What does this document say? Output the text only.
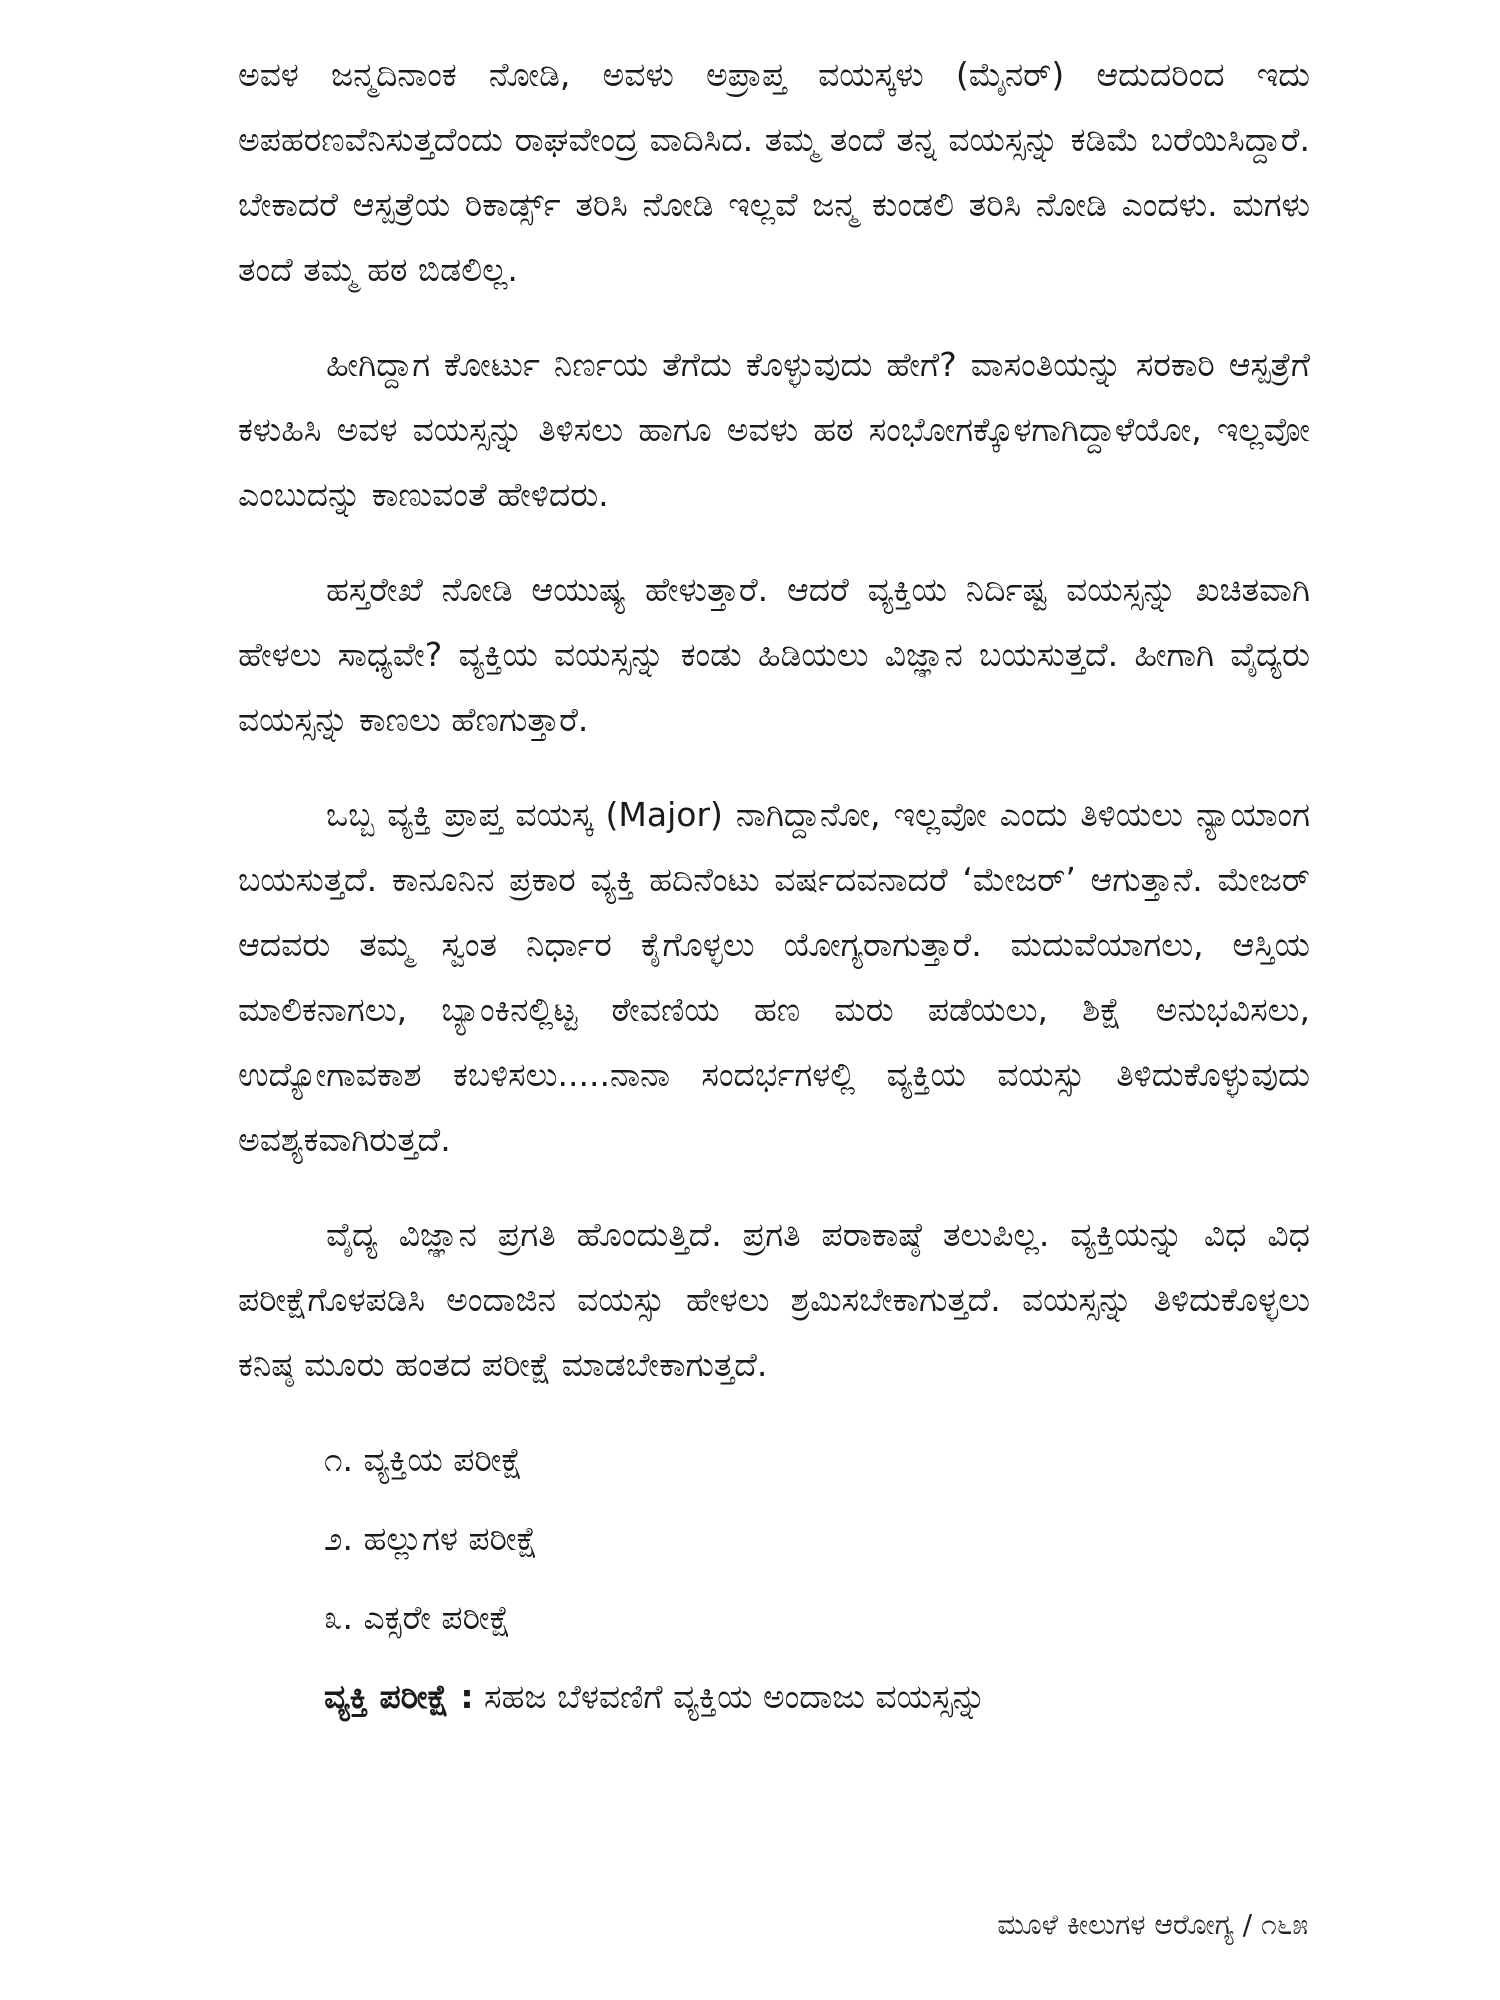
ಅವಳ ಜನ್ಮದಿನಾಂಕ ನೋಡಿ, ಅವಳು ಅಪ್ರಾಪ್ತ ವಯಸ್ಕಳು (ಮೈನರ್) ಆದುದರಿಂದ ಇದು ಅಪಹರಣವೆನಿಸುತ್ತದೆಂದು ರಾಘವೇಂದ್ರ ವಾದಿಸಿದ. ತಮ್ಮ ತಂದೆ ತನ್ನ ವಯಸ್ಸನ್ನು ಕಡಿಮೆ ಬರೆಯಿಸಿದ್ದಾರೆ. ಬೇಕಾದರೆ ಆಸ್ಪತ್ರೆಯ ರಿಕಾರ್ಡ್ಸ್ ತರಿಸಿ ನೋಡಿ ಇಲ್ಲವೆ ಜನ್ಮ ಕುಂಡಲಿ ತರಿಸಿ ನೋಡಿ ಎಂದಳು. ಮಗಳು ತಂದೆ ತಮ್ಮ ಹಠ ಬಿಡಲಿಲ್ಲ.

ಹೀಗಿದ್ದಾಗ ಕೋರ್ಟು ನಿರ್ಣಯ ತೆಗೆದು ಕೊಳ್ಳುವುದು ಹೇಗೆ? ವಾಸಂತಿಯನ್ನು ಸರಕಾರಿ ಆಸ್ಪತ್ರೆಗೆ ಕಳುಹಿಸಿ ಅವಳ ವಯಸ್ಸನ್ನು ತಿಳಿಸಲು ಹಾಗೂ ಅವಳು ಹಠ ಸಂಭೋಗಕ್ಕೊಳಗಾಗಿದ್ದಾಳೆಯೋ, ಇಲ್ಲವೋ ಎಂಬುದನ್ನು ಕಾಣುವಂತೆ ಹೇಳಿದರು.

ಹಸ್ತರೇಖೆ ನೋಡಿ ಆಯುಷ್ಯ ಹೇಳುತ್ತಾರೆ. ಆದರೆ ವ್ಯಕ್ತಿಯ ನಿರ್ದಿಷ್ಟ ವಯಸ್ಸನ್ನು ಖಚಿತವಾಗಿ ಹೇಳಲು ಸಾಧ್ಯವೇ? ವ್ಯಕ್ತಿಯ ವಯಸ್ಸನ್ನು ಕಂಡು ಹಿಡಿಯಲು ವಿಜ್ಞಾನ ಬಯಸುತ್ತದೆ. ಹೀಗಾಗಿ ವೈದ್ಯರು ವಯಸ್ಸನ್ನು ಕಾಣಲು ಹೆಣಗುತ್ತಾರೆ.

ಒಬ್ಬ ವ್ಯಕ್ತಿ ಪ್ರಾಪ್ತ ವಯಸ್ಕ (Major) ನಾಗಿದ್ದಾನೋ, ಇಲ್ಲವೋ ಎಂದು ತಿಳಿಯಲು ನ್ಯಾಯಾಂಗ ಬಯಸುತ್ತದೆ. ಕಾನೂನಿನ ಪ್ರಕಾರ ವ್ಯಕ್ತಿ ಹದಿನೆಂಟು ವರ್ಷದವನಾದರೆ ‘ಮೇಜರ್’ ಆಗುತ್ತಾನೆ. ಮೇಜರ್ ಆದವರು ತಮ್ಮ ಸ್ವಂತ ನಿರ್ಧಾರ ಕೈಗೊಳ್ಳಲು ಯೋಗ್ಯರಾಗುತ್ತಾರೆ. ಮದುವೆಯಾಗಲು, ಆಸ್ತಿಯ ಮಾಲಿಕನಾಗಲು, ಬ್ಯಾಂಕಿನಲ್ಲಿಟ್ಟ ಠೇವಣಿಯ ಹಣ ಮರು ಪಡೆಯಲು, ಶಿಕ್ಷೆ ಅನುಭವಿಸಲು, ಉದ್ಯೋಗಾವಕಾಶ ಕಬಳಿಸಲು.....ನಾನಾ ಸಂದರ್ಭಗಳಲ್ಲಿ ವ್ಯಕ್ತಿಯ ವಯಸ್ಸು ತಿಳಿದುಕೊಳ್ಳುವುದು ಅವಶ್ಯಕವಾಗಿರುತ್ತದೆ.

ವೈದ್ಯ ವಿಜ್ಞಾನ ಪ್ರಗತಿ ಹೊಂದುತ್ತಿದೆ. ಪ್ರಗತಿ ಪರಾಕಾಷ್ಠೆ ತಲುಪಿಲ್ಲ. ವ್ಯಕ್ತಿಯನ್ನು ವಿಧ ವಿಧ ಪರೀಕ್ಷೆಗೊಳಪಡಿಸಿ ಅಂದಾಜಿನ ವಯಸ್ಸು ಹೇಳಲು ಶ್ರಮಿಸಬೇಕಾಗುತ್ತದೆ. ವಯಸ್ಸನ್ನು ತಿಳಿದುಕೊಳ್ಳಲು ಕನಿಷ್ಠ ಮೂರು ಹಂತದ ಪರೀಕ್ಷೆ ಮಾಡಬೇಕಾಗುತ್ತದೆ.

೧. ವ್ಯಕ್ತಿಯ ಪರೀಕ್ಷೆ
೨. ಹಲ್ಲುಗಳ ಪರೀಕ್ಷೆ
೩. ಎಕ್ಸರೇ ಪರೀಕ್ಷೆ

ವ್ಯಕ್ತಿ ಪರೀಕ್ಷೆ : ಸಹಜ ಬೆಳವಣಿಗೆ ವ್ಯಕ್ತಿಯ ಅಂದಾಜು ವಯಸ್ಸನ್ನು

ಮೂಳೆ ಕೀಲುಗಳ ಆರೋಗ್ಯ / ೧೬೫
